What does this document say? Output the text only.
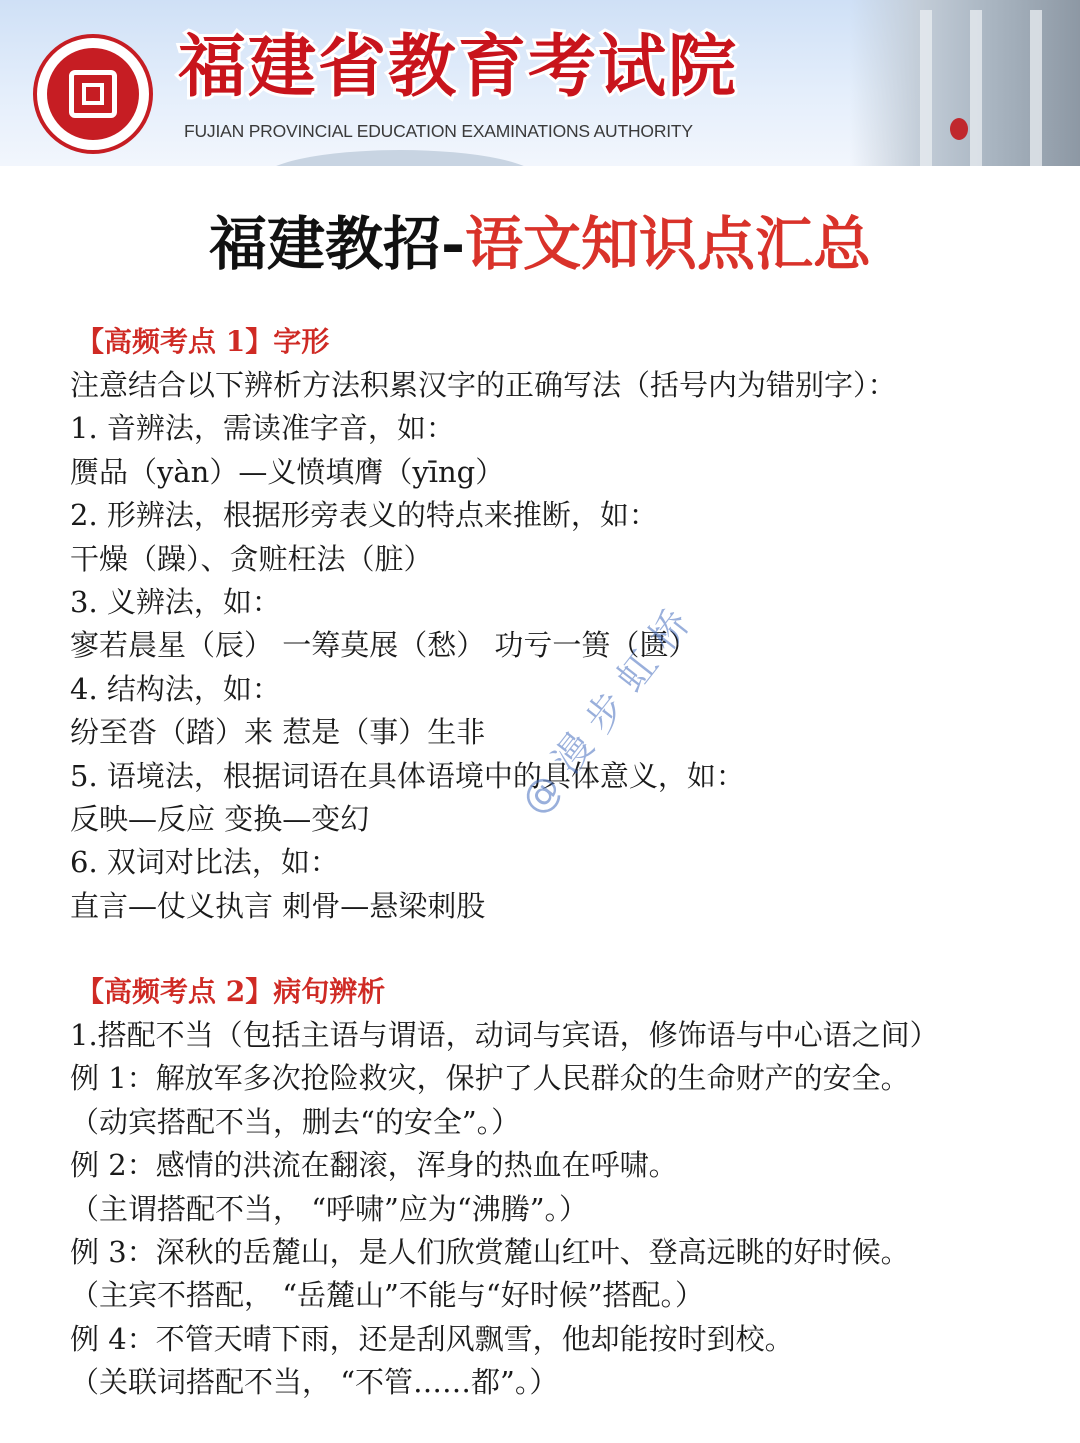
福建省教育考试院
FUJIAN PROVINCIAL EDUCATION EXAMINATIONS AUTHORITY
福建教招-语文知识点汇总
【高频考点 1】字形
注意结合以下辨析方法积累汉字的正确写法（括号内为错别字）：
1. 音辨法，需读准字音，如：
赝品（yàn）—义愤填膺（yīng）
2. 形辨法，根据形旁表义的特点来推断，如：
干燥（躁）、贪赃枉法（脏）
3. 义辨法，如：
寥若晨星（辰） 一筹莫展（愁） 功亏一篑（匮）
4. 结构法，如：
纷至沓（踏）来 惹是（事）生非
5. 语境法，根据词语在具体语境中的具体意义，如：
反映—反应 变换—变幻
6. 双词对比法，如：
直言—仗义执言 刺骨—悬梁刺股
【高频考点 2】病句辨析
1.搭配不当（包括主语与谓语，动词与宾语，修饰语与中心语之间）
例 1：解放军多次抢险救灾，保护了人民群众的生命财产的安全。
（动宾搭配不当，删去“的安全”。）
例 2：感情的洪流在翻滚，浑身的热血在呼啸。
（主谓搭配不当， “呼啸”应为“沸腾”。）
例 3：深秋的岳麓山，是人们欣赏麓山红叶、登高远眺的好时候。
（主宾不搭配， “岳麓山”不能与“好时候”搭配。）
例 4：不管天晴下雨，还是刮风飘雪，他却能按时到校。
（关联词搭配不当， “不管……都”。）
@漫步虹桥
